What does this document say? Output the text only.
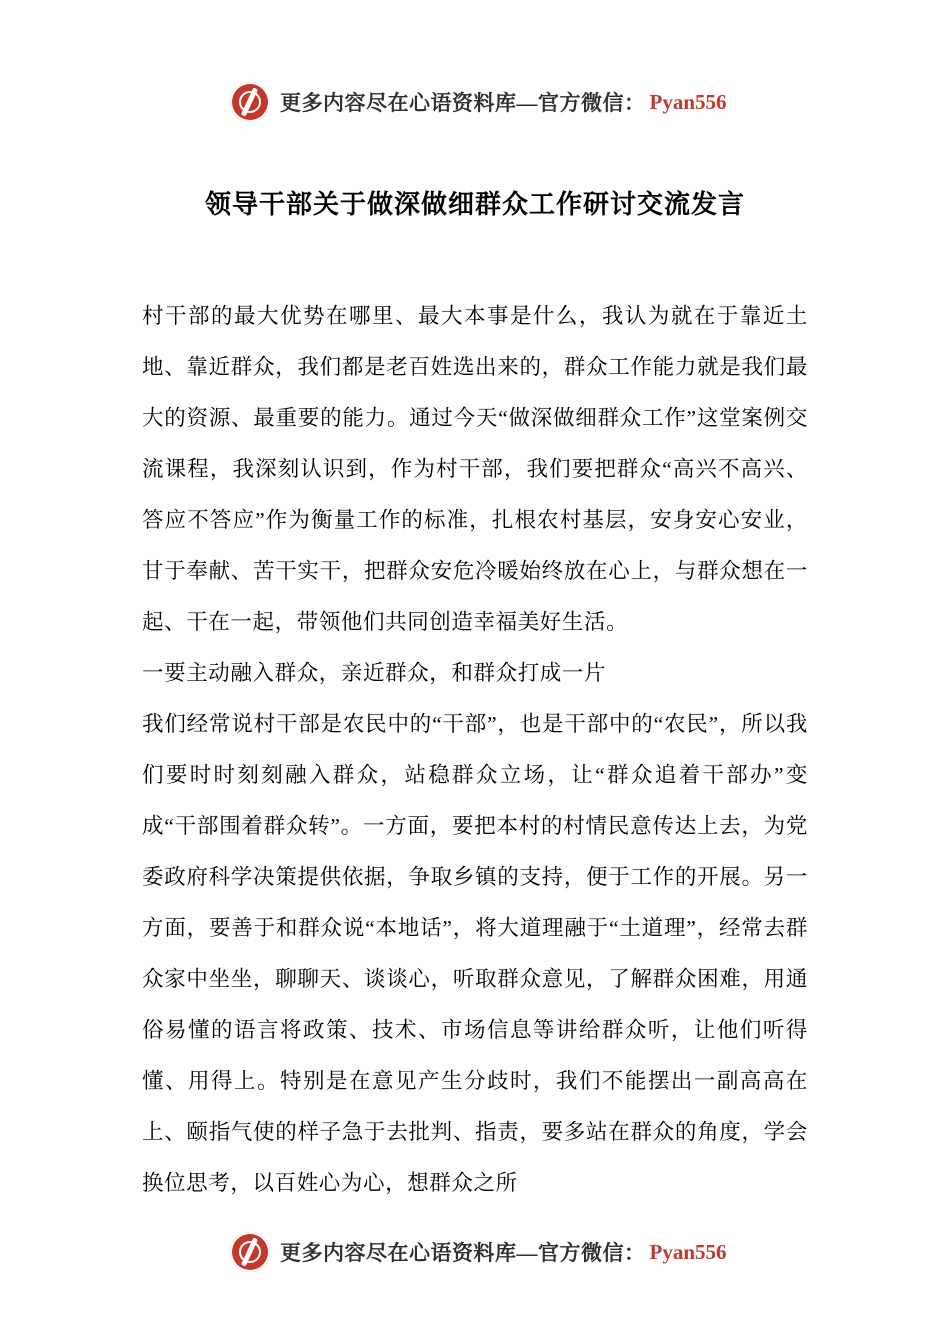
更多内容尽在心语资料库—官方微信： Pyan556
领导干部关于做深做细群众工作研讨交流发言

村干部的最大优势在哪里、最大本事是什么，我认为就在于靠近土地、靠近群众，我们都是老百姓选出来的，群众工作能力就是我们最大的资源、最重要的能力。通过今天“做深做细群众工作”这堂案例交流课程，我深刻认识到，作为村干部，我们要把群众“高兴不高兴、答应不答应”作为衡量工作的标准，扎根农村基层，安身安心安业，甘于奉献、苦干实干，把群众安危冷暖始终放在心上，与群众想在一起、干在一起，带领他们共同创造幸福美好生活。

一要主动融入群众，亲近群众，和群众打成一片

我们经常说村干部是农民中的“干部”，也是干部中的“农民”，所以我们要时时刻刻融入群众，站稳群众立场，让“群众追着干部办”变成“干部围着群众转”。一方面，要把本村的村情民意传达上去，为党委政府科学决策提供依据，争取乡镇的支持，便于工作的开展。另一方面，要善于和群众说“本地话”，将大道理融于“土道理”，经常去群众家中坐坐，聊聊天、谈谈心，听取群众意见，了解群众困难，用通俗易懂的语言将政策、技术、市场信息等讲给群众听，让他们听得懂、用得上。特别是在意见产生分歧时，我们不能摆出一副高高在上、颐指气使的样子急于去批判、指责，要多站在群众的角度，学会换位思考，以百姓心为心，想群众之所

更多内容尽在心语资料库—官方微信： Pyan556
